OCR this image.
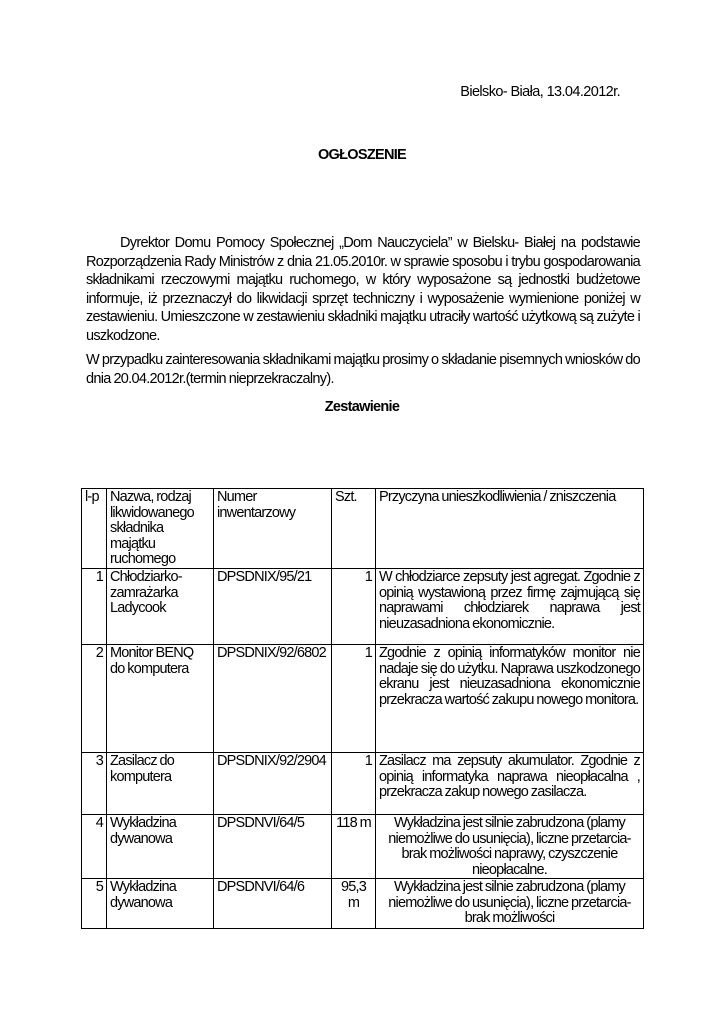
Bielsko- Biała, 13.04.2012r.
OGŁOSZENIE

Dyrektor Domu Pomocy Społecznej „Dom Nauczyciela” w Bielsku- Białej na podstawie Rozporządzenia Rady Ministrów z dnia 21.05.2010r. w sprawie sposobu i trybu gospodarowania składnikami rzeczowymi majątku ruchomego, w który wyposażone są jednostki budżetowe informuje, iż przeznaczył do likwidacji sprzęt techniczny i wyposażenie wymienione poniżej w zestawieniu. Umieszczone w zestawieniu składniki majątku utraciły wartość użytkową są zużyte i uszkodzone.

W przypadku zainteresowania składnikami majątku prosimy o składanie pisemnych wniosków do dnia 20.04.2012r.(termin nieprzekraczalny).

Zestawienie
l-p	Nazwa, rodzaj likwidowanego składnika majątku ruchomego	Numer inwentarzowy	Szt.	Przyczyna unieszkodliwienia / zniszczenia
1	Chłodziarko-zamrażarka Ladycook	DPSDNIX/95/21	1	W chłodziarce zepsuty jest agregat. Zgodnie z opinią wystawioną przez firmę zajmującą się naprawami chłodziarek naprawa jest nieuzasadniona ekonomicznie.
2	Monitor BENQ do komputera	DPSDNIX/92/6802	1	Zgodnie z opinią informatyków monitor nie nadaje się do użytku. Naprawa uszkodzonego ekranu jest nieuzasadniona ekonomicznie przekracza wartość zakupu nowego monitora.
3	Zasilacz do komputera	DPSDNIX/92/2904	1	Zasilacz ma zepsuty akumulator. Zgodnie z opinią informatyka naprawa nieopłacalna , przekracza zakup nowego zasilacza.
4	Wykładzina dywanowa	DPSDNVI/64/5	118 m	Wykładzina jest silnie zabrudzona (plamy niemożliwe do usunięcia), liczne przetarcia-brak możliwości naprawy, czyszczenie nieopłacalne.
5	Wykładzina dywanowa	DPSDNVI/64/6	95,3 m	Wykładzina jest silnie zabrudzona (plamy niemożliwe do usunięcia), liczne przetarcia-brak możliwości
